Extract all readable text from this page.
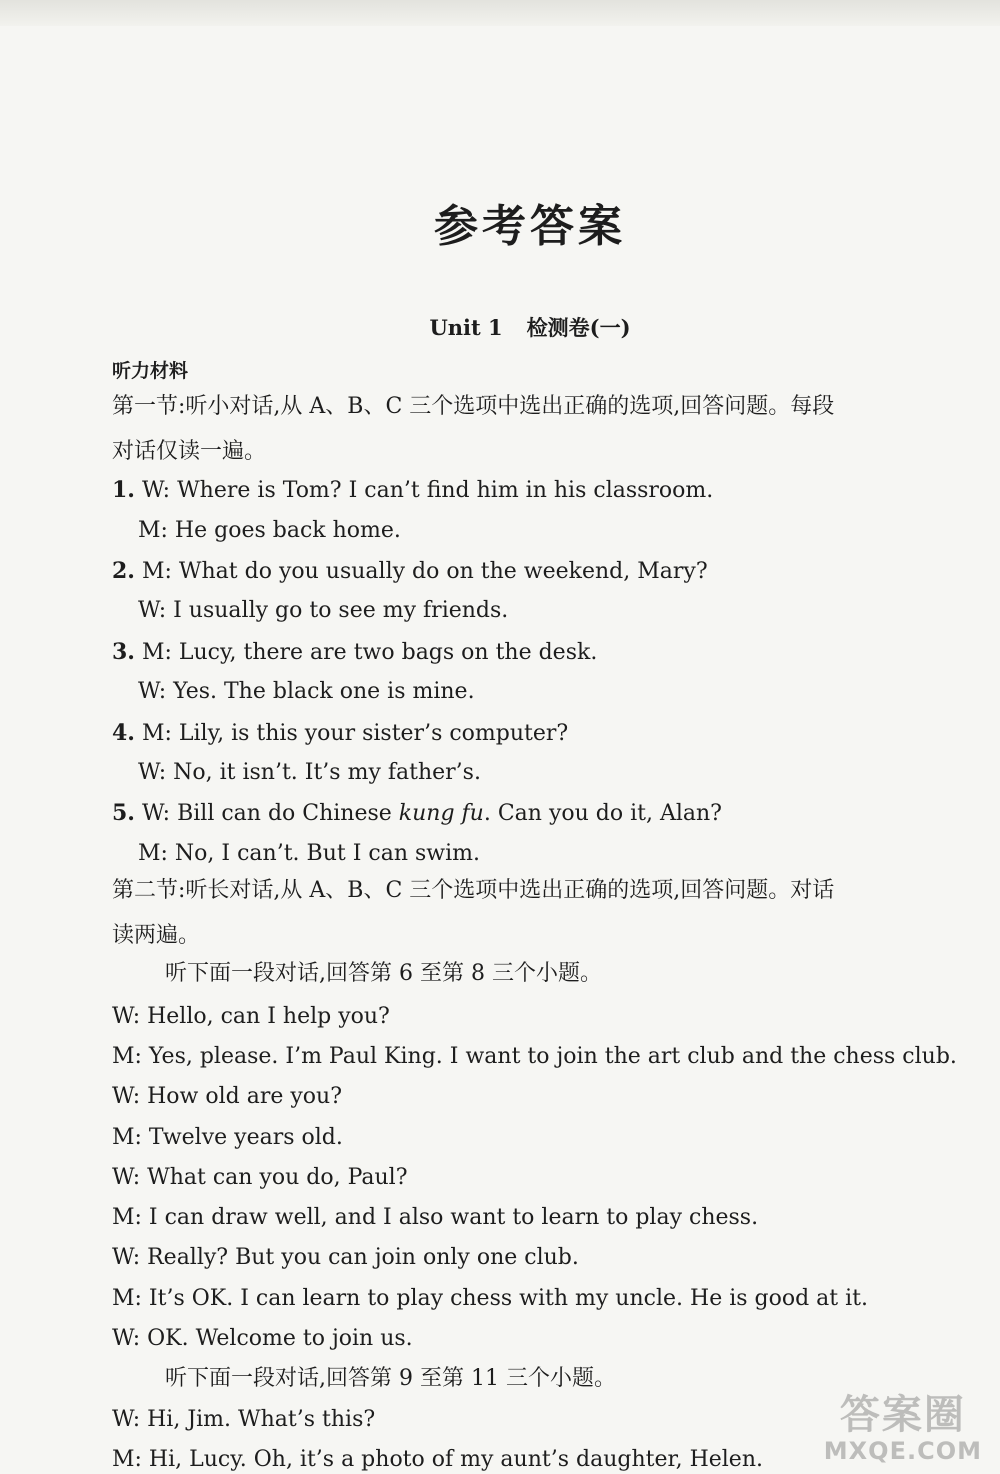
参考答案
Unit 1 检测卷(一)
听力材料
第一节:听小对话,从 A、B、C 三个选项中选出正确的选项,回答问题。每段
对话仅读一遍。
1. W: Where is Tom? I can’t find him in his classroom.
M: He goes back home.
2. M: What do you usually do on the weekend, Mary?
W: I usually go to see my friends.
3. M: Lucy, there are two bags on the desk.
W: Yes. The black one is mine.
4. M: Lily, is this your sister’s computer?
W: No, it isn’t. It’s my father’s.
5. W: Bill can do Chinese kung fu. Can you do it, Alan?
M: No, I can’t. But I can swim.
第二节:听长对话,从 A、B、C 三个选项中选出正确的选项,回答问题。对话
读两遍。
听下面一段对话,回答第 6 至第 8 三个小题。
W: Hello, can I help you?
M: Yes, please. I’m Paul King. I want to join the art club and the chess club.
W: How old are you?
M: Twelve years old.
W: What can you do, Paul?
M: I can draw well, and I also want to learn to play chess.
W: Really? But you can join only one club.
M: It’s OK. I can learn to play chess with my uncle. He is good at it.
W: OK. Welcome to join us.
听下面一段对话,回答第 9 至第 11 三个小题。
W: Hi, Jim. What’s this?
M: Hi, Lucy. Oh, it’s a photo of my aunt’s daughter, Helen.
答案圈
MXQE.COM
